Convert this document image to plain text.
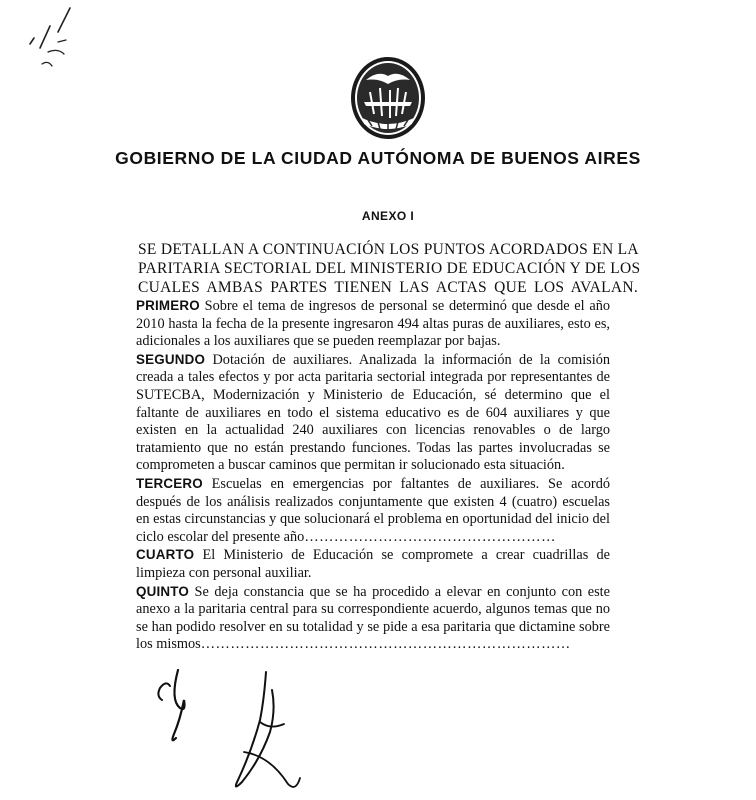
GOBIERNO DE LA CIUDAD AUTÓNOMA DE BUENOS AIRES
ANEXO I
SE DETALLAN A CONTINUACIÓN LOS PUNTOS ACORDADOS EN LA
PARITARIA SECTORIAL DEL MINISTERIO DE EDUCACIÓN Y DE LOS
CUALES AMBAS PARTES TIENEN LAS ACTAS QUE LOS AVALAN.

PRIMERO Sobre el tema de ingresos de personal se determinó que desde el año 2010 hasta la fecha de la presente ingresaron 494 altas puras de auxiliares, esto es, adicionales a los auxiliares que se pueden reemplazar por bajas.

SEGUNDO Dotación de auxiliares. Analizada la información de la comisión creada a tales efectos y por acta paritaria sectorial integrada por representantes de SUTECBA, Modernización y Ministerio de Educación, sé determino que el faltante de auxiliares en todo el sistema educativo es de 604 auxiliares y que existen en la actualidad 240 auxiliares con licencias renovables o de largo tratamiento que no están prestando funciones. Todas las partes involucradas se comprometen a buscar caminos que permitan ir solucionado esta situación.

TERCERO Escuelas en emergencias por faltantes de auxiliares. Se acordó después de los análisis realizados conjuntamente que existen 4 (cuatro) escuelas en estas circunstancias y que solucionará el problema en oportunidad del inicio del ciclo escolar del presente año……………………………………………

CUARTO El Ministerio de Educación se compromete a crear cuadrillas de limpieza con personal auxiliar.

QUINTO Se deja constancia que se ha procedido a elevar en conjunto con este anexo a la paritaria central para su correspondiente acuerdo, algunos temas que no se han podido resolver en su totalidad y se pide a esa paritaria que dictamine sobre los mismos…………………………………………………………………
